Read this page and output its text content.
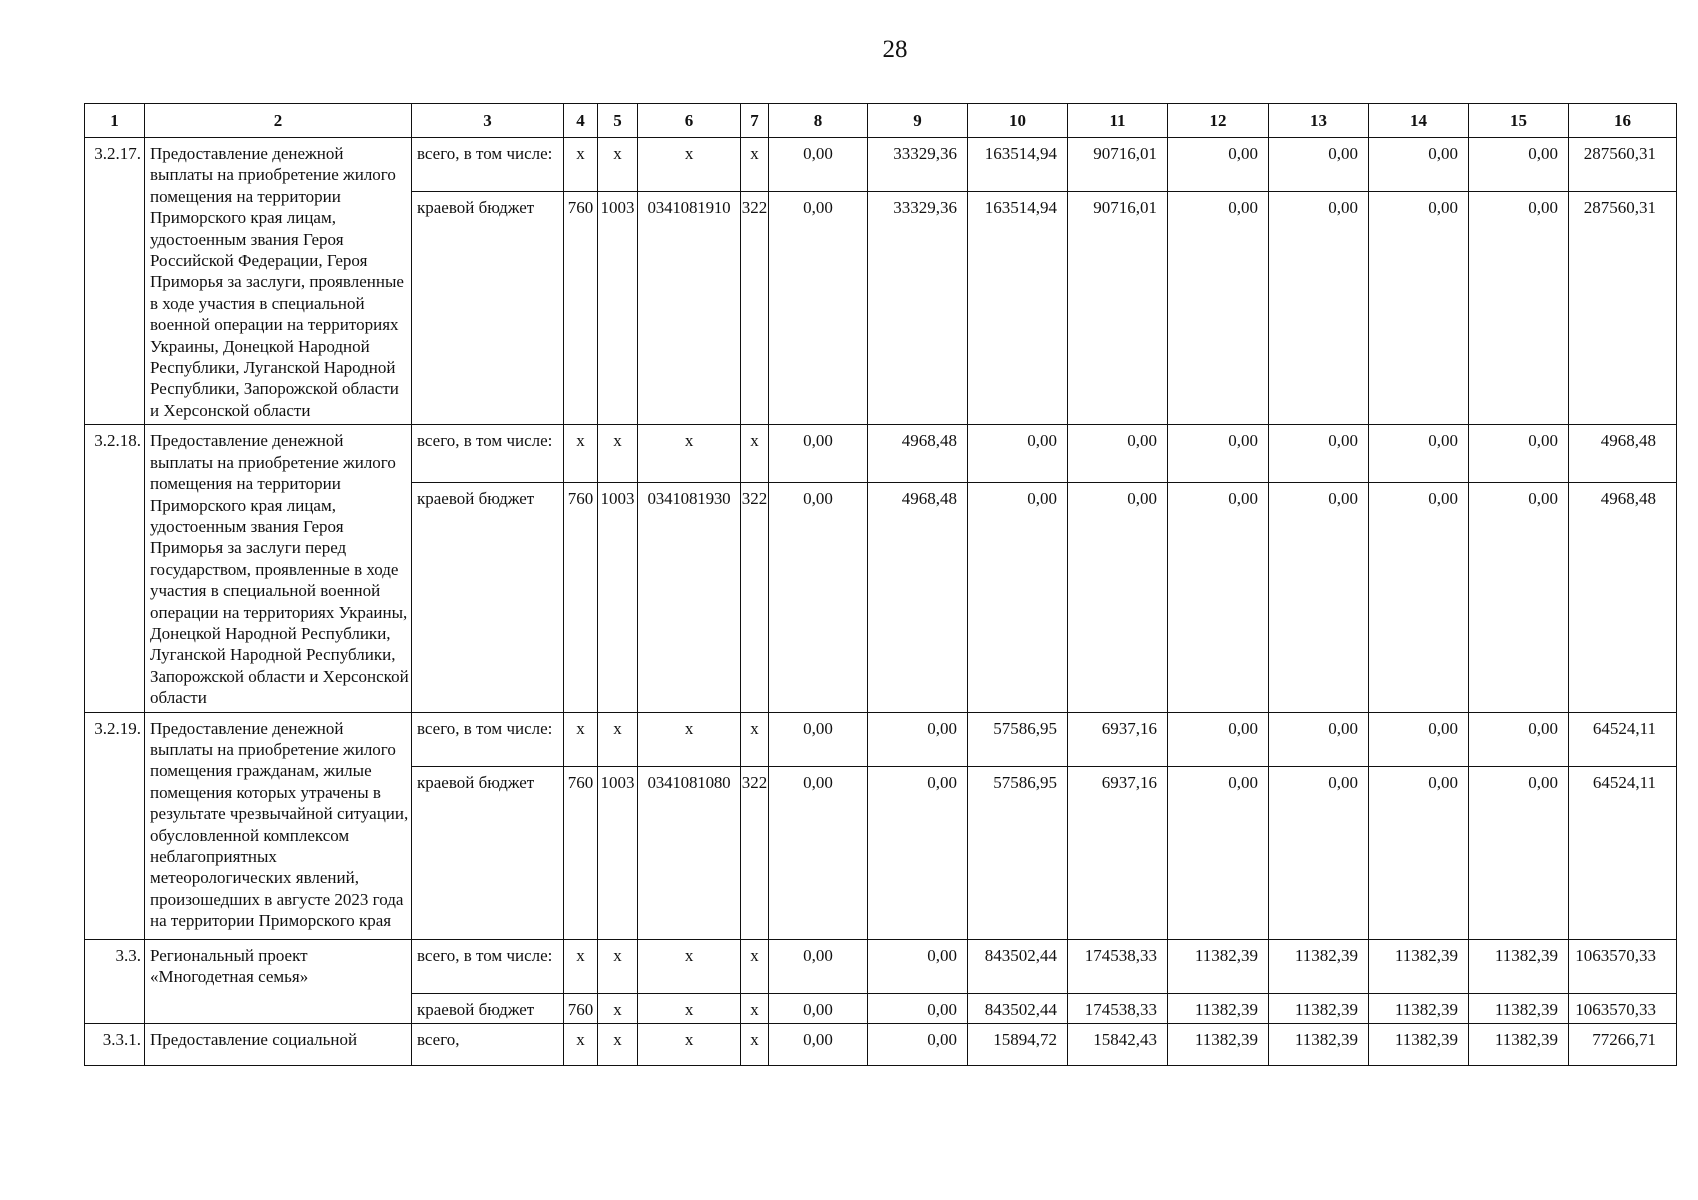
28
1	2	3	4	5	6	7	8	9	10	11	12	13	14	15	16
3.2.17.	Предоставление денежной выплаты на приобретение жилого помещения на территории Приморского края лицам, удостоенным звания Героя Российской Федерации, Героя Приморья за заслуги, проявленные в ходе участия в специальной военной операции на территориях Украины, Донецкой Народной Республики, Луганской Народной Республики, Запорожской области и Херсонской области	всего, в том числе:	х	х	х	х	0,00	33329,36	163514,94	90716,01	0,00	0,00	0,00	0,00	287560,31
		краевой бюджет	760	1003	0341081910	322	0,00	33329,36	163514,94	90716,01	0,00	0,00	0,00	0,00	287560,31
3.2.18.	Предоставление денежной выплаты на приобретение жилого помещения на территории Приморского края лицам, удостоенным звания Героя Приморья за заслуги перед государством, проявленные в ходе участия в специальной военной операции на территориях Украины, Донецкой Народной Республики, Луганской Народной Республики, Запорожской области и Херсонской области	всего, в том числе:	х	х	х	х	0,00	4968,48	0,00	0,00	0,00	0,00	0,00	0,00	4968,48
		краевой бюджет	760	1003	0341081930	322	0,00	4968,48	0,00	0,00	0,00	0,00	0,00	0,00	4968,48
3.2.19.	Предоставление денежной выплаты на приобретение жилого помещения гражданам, жилые помещения которых утрачены в результате чрезвычайной ситуации, обусловленной комплексом неблагоприятных метеорологических явлений, произошедших в августе 2023 года на территории Приморского края	всего, в том числе:	х	х	х	х	0,00	0,00	57586,95	6937,16	0,00	0,00	0,00	0,00	64524,11
		краевой бюджет	760	1003	0341081080	322	0,00	0,00	57586,95	6937,16	0,00	0,00	0,00	0,00	64524,11
3.3.	Региональный проект «Многодетная семья»	всего, в том числе:	х	х	х	х	0,00	0,00	843502,44	174538,33	11382,39	11382,39	11382,39	11382,39	1063570,33
		краевой бюджет	760	х	х	х	0,00	0,00	843502,44	174538,33	11382,39	11382,39	11382,39	11382,39	1063570,33
3.3.1.	Предоставление социальной	всего,	х	х	х	х	0,00	0,00	15894,72	15842,43	11382,39	11382,39	11382,39	11382,39	77266,71
